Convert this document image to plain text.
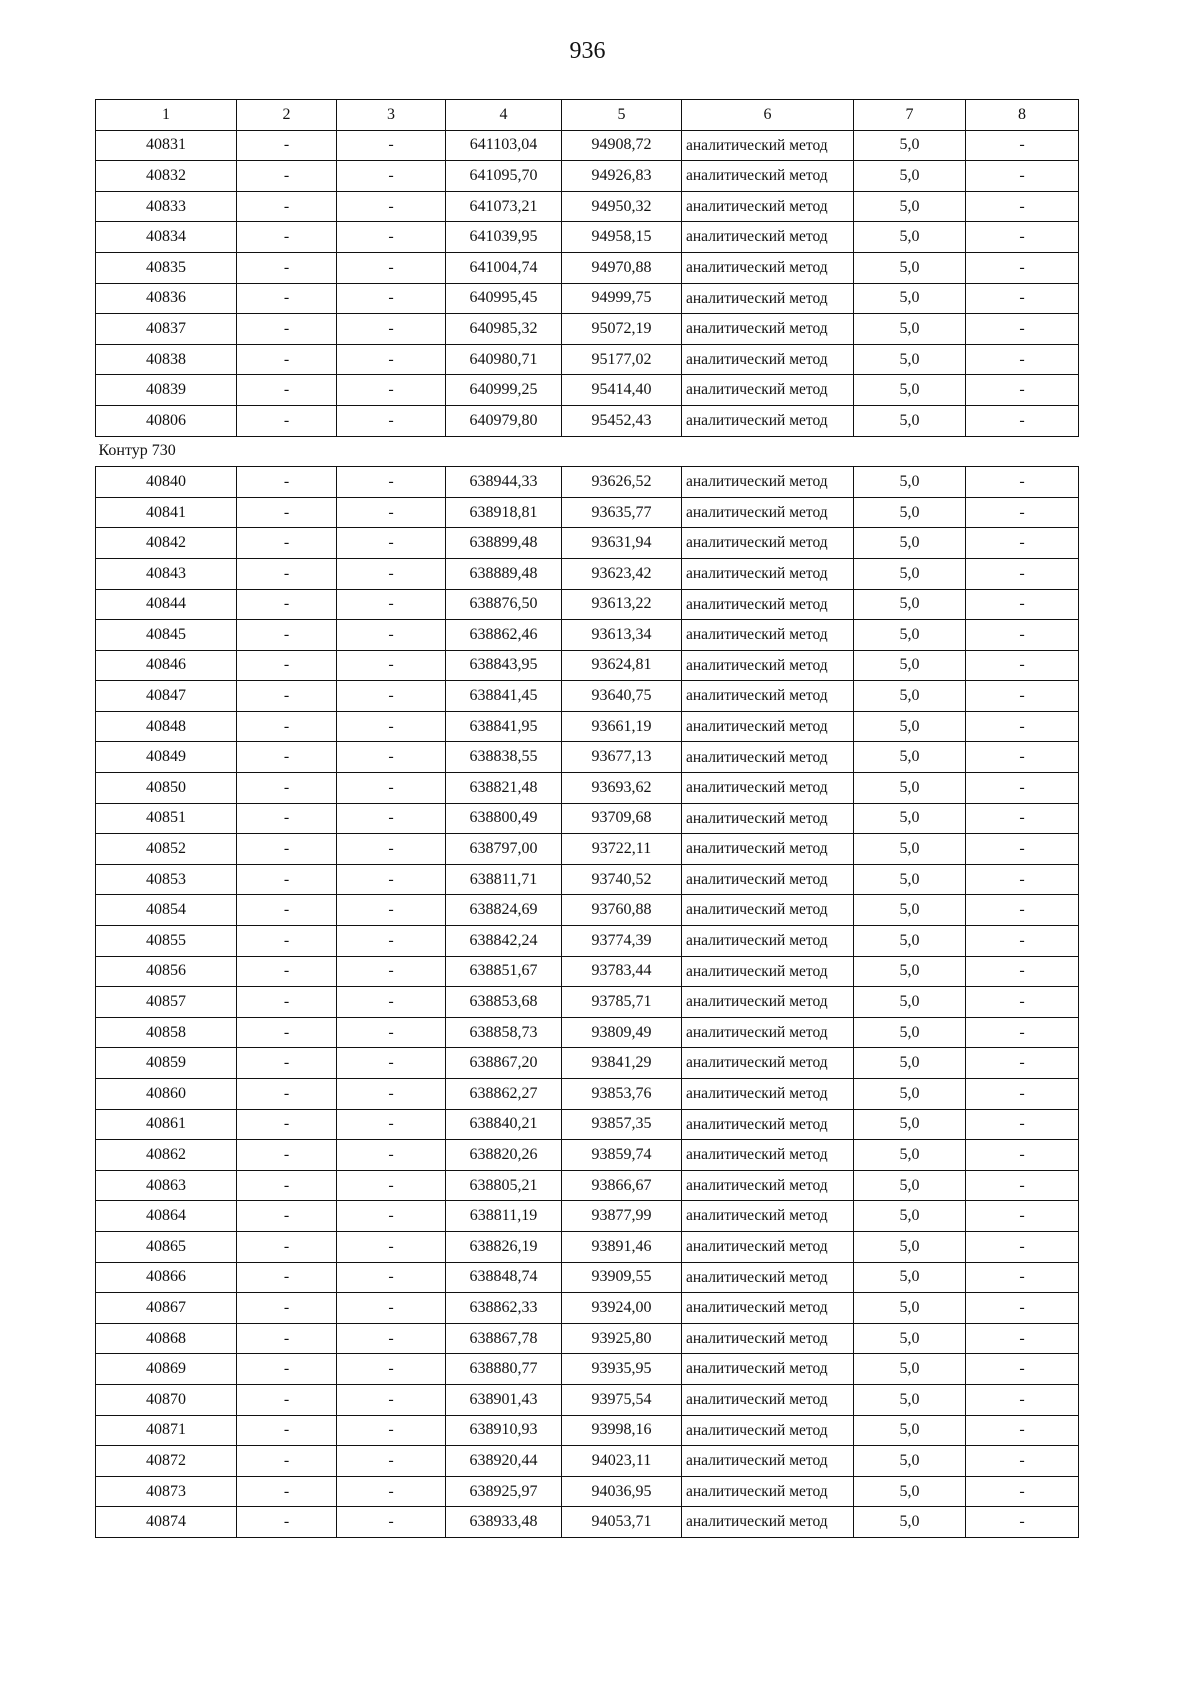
936
1	2	3	4	5	6	7	8
40831	-	-	641103,04	94908,72	аналитический метод	5,0	-
40832	-	-	641095,70	94926,83	аналитический метод	5,0	-
40833	-	-	641073,21	94950,32	аналитический метод	5,0	-
40834	-	-	641039,95	94958,15	аналитический метод	5,0	-
40835	-	-	641004,74	94970,88	аналитический метод	5,0	-
40836	-	-	640995,45	94999,75	аналитический метод	5,0	-
40837	-	-	640985,32	95072,19	аналитический метод	5,0	-
40838	-	-	640980,71	95177,02	аналитический метод	5,0	-
40839	-	-	640999,25	95414,40	аналитический метод	5,0	-
40806	-	-	640979,80	95452,43	аналитический метод	5,0	-
Контур 730							
40840	-	-	638944,33	93626,52	аналитический метод	5,0	-
40841	-	-	638918,81	93635,77	аналитический метод	5,0	-
40842	-	-	638899,48	93631,94	аналитический метод	5,0	-
40843	-	-	638889,48	93623,42	аналитический метод	5,0	-
40844	-	-	638876,50	93613,22	аналитический метод	5,0	-
40845	-	-	638862,46	93613,34	аналитический метод	5,0	-
40846	-	-	638843,95	93624,81	аналитический метод	5,0	-
40847	-	-	638841,45	93640,75	аналитический метод	5,0	-
40848	-	-	638841,95	93661,19	аналитический метод	5,0	-
40849	-	-	638838,55	93677,13	аналитический метод	5,0	-
40850	-	-	638821,48	93693,62	аналитический метод	5,0	-
40851	-	-	638800,49	93709,68	аналитический метод	5,0	-
40852	-	-	638797,00	93722,11	аналитический метод	5,0	-
40853	-	-	638811,71	93740,52	аналитический метод	5,0	-
40854	-	-	638824,69	93760,88	аналитический метод	5,0	-
40855	-	-	638842,24	93774,39	аналитический метод	5,0	-
40856	-	-	638851,67	93783,44	аналитический метод	5,0	-
40857	-	-	638853,68	93785,71	аналитический метод	5,0	-
40858	-	-	638858,73	93809,49	аналитический метод	5,0	-
40859	-	-	638867,20	93841,29	аналитический метод	5,0	-
40860	-	-	638862,27	93853,76	аналитический метод	5,0	-
40861	-	-	638840,21	93857,35	аналитический метод	5,0	-
40862	-	-	638820,26	93859,74	аналитический метод	5,0	-
40863	-	-	638805,21	93866,67	аналитический метод	5,0	-
40864	-	-	638811,19	93877,99	аналитический метод	5,0	-
40865	-	-	638826,19	93891,46	аналитический метод	5,0	-
40866	-	-	638848,74	93909,55	аналитический метод	5,0	-
40867	-	-	638862,33	93924,00	аналитический метод	5,0	-
40868	-	-	638867,78	93925,80	аналитический метод	5,0	-
40869	-	-	638880,77	93935,95	аналитический метод	5,0	-
40870	-	-	638901,43	93975,54	аналитический метод	5,0	-
40871	-	-	638910,93	93998,16	аналитический метод	5,0	-
40872	-	-	638920,44	94023,11	аналитический метод	5,0	-
40873	-	-	638925,97	94036,95	аналитический метод	5,0	-
40874	-	-	638933,48	94053,71	аналитический метод	5,0	-
